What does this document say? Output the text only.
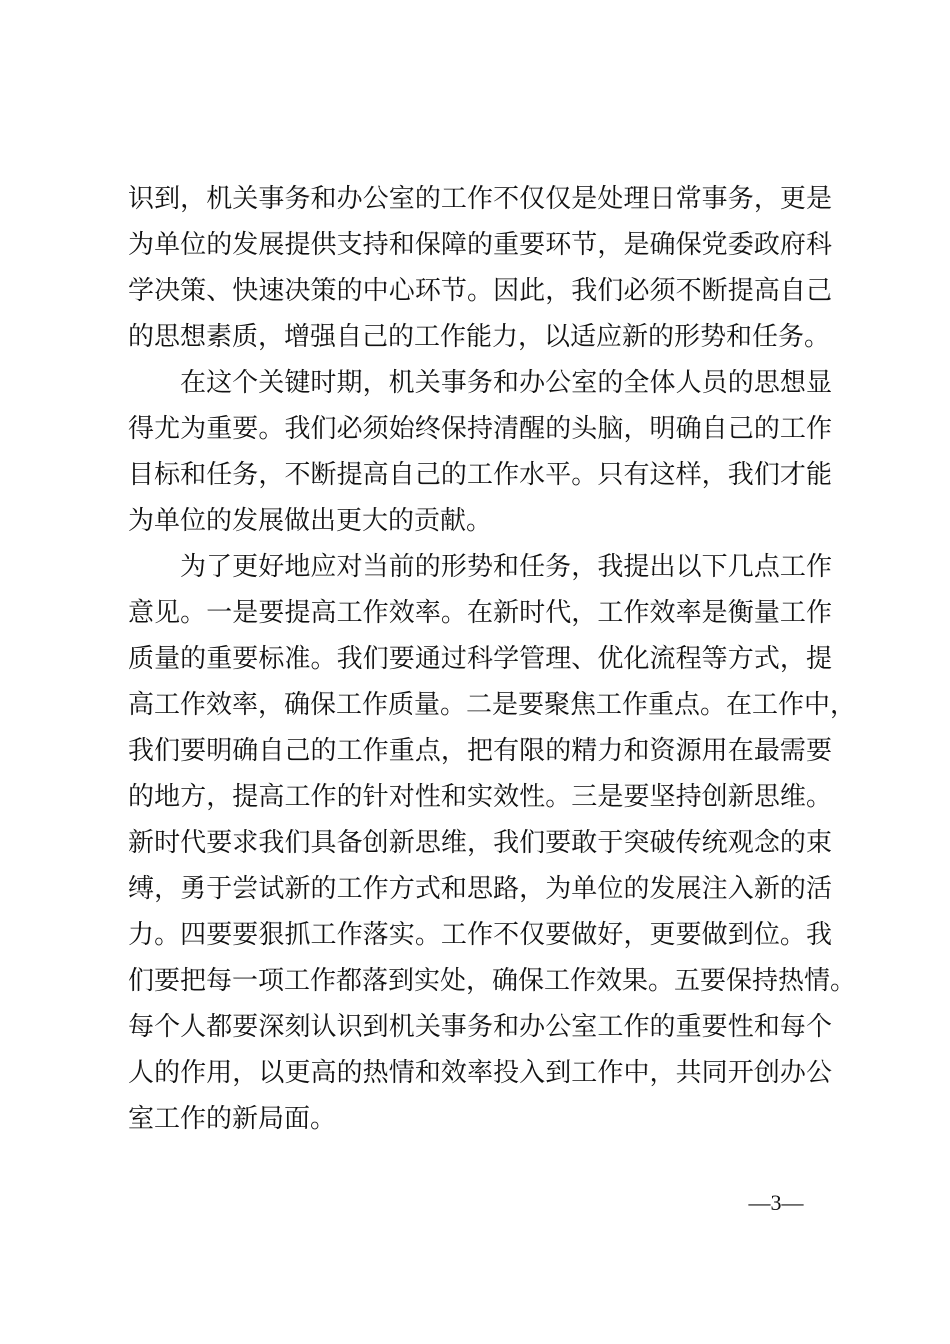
识到，机关事务和办公室的工作不仅仅是处理日常事务，更是
为单位的发展提供支持和保障的重要环节，是确保党委政府科
学决策、快速决策的中心环节。因此，我们必须不断提高自己
的思想素质，增强自己的工作能力，以适应新的形势和任务。
在这个关键时期，机关事务和办公室的全体人员的思想显
得尤为重要。我们必须始终保持清醒的头脑，明确自己的工作
目标和任务，不断提高自己的工作水平。只有这样，我们才能
为单位的发展做出更大的贡献。
为了更好地应对当前的形势和任务，我提出以下几点工作
意见。一是要提高工作效率。在新时代，工作效率是衡量工作
质量的重要标准。我们要通过科学管理、优化流程等方式，提
高工作效率，确保工作质量。二是要聚焦工作重点。在工作中，
我们要明确自己的工作重点，把有限的精力和资源用在最需要
的地方，提高工作的针对性和实效性。三是要坚持创新思维。
新时代要求我们具备创新思维，我们要敢于突破传统观念的束
缚，勇于尝试新的工作方式和思路，为单位的发展注入新的活
力。四要要狠抓工作落实。工作不仅要做好，更要做到位。我
们要把每一项工作都落到实处，确保工作效果。五要保持热情。
每个人都要深刻认识到机关事务和办公室工作的重要性和每个
人的作用，以更高的热情和效率投入到工作中，共同开创办公
室工作的新局面。
—3—
